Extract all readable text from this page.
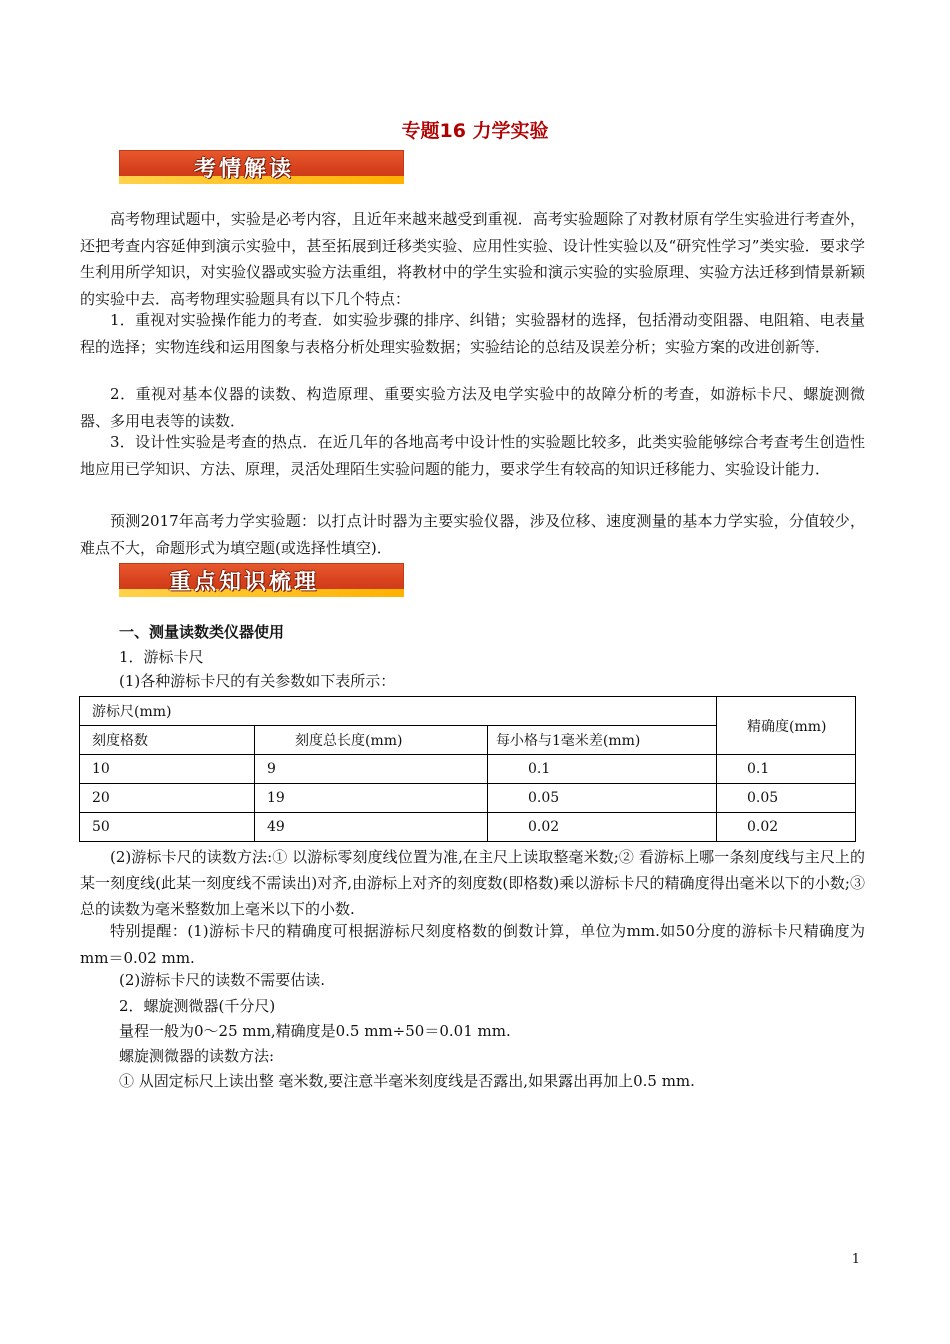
专题16 力学实验
考情解读

高考物理试题中，实验是必考内容，且近年来越来越受到重视．高考实验题除了对教材原有学生实验进行考查外，还把考查内容延伸到演示实验中，甚至拓展到迁移类实验、应用性实验、设计性实验以及“研究性学习”类实验．要求学生利用所学知识，对实验仪器或实验方法重组，将教材中的学生实验和演示实验的实验原理、实验方法迁移到情景新颖的实验中去．高考物理实验题具有以下几个特点：

1．重视对实验操作能力的考查．如实验步骤的排序、纠错；实验器材的选择，包括滑动变阻器、电阻箱、电表量程的选择；实物连线和运用图象与表格分析处理实验数据；实验结论的总结及误差分析；实验方案的改进创新等．

2．重视对基本仪器的读数、构造原理、重要实验方法及电学实验中的故障分析的考查，如游标卡尺、螺旋测微器、多用电表等的读数．

3．设计性实验是考查的热点．在近几年的各地高考中设计性的实验题比较多，此类实验能够综合考查考生创造性地应用已学知识、方法、原理，灵活处理陌生实验问题的能力，要求学生有较高的知识迁移能力、实验设计能力．

预测2017年高考力学实验题：以打点计时器为主要实验仪器，涉及位移、速度测量的基本力学实验，分值较少，难点不大，命题形式为填空题(或选择性填空)．

重点知识梳理

一、测量读数类仪器使用

1．游标卡尺

(1)各种游标卡尺的有关参数如下表所示：

游标尺(mm)			精确度(mm)
刻度格数	刻度总长度(mm)	每小格与1毫米差(mm)	
10	9	0.1	0.1
20	19	0.05	0.05
50	49	0.02	0.02

(2)游标卡尺的读数方法:① 以游标零刻度线位置为准,在主尺上读取整毫米数;② 看游标上哪一条刻度线与主尺上的某一刻度线(此某一刻度线不需读出)对齐,由游标上对齐的刻度数(即格数)乘以游标卡尺的精确度得出毫米以下的小数;③ 总的读数为毫米整数加上毫米以下的小数.

特别提醒：(1)游标卡尺的精确度可根据游标尺刻度格数的倒数计算，单位为mm.如50分度的游标卡尺精确度为 mm＝0.02 mm.

(2)游标卡尺的读数不需要估读.

2．螺旋测微器(千分尺)

量程一般为0～25 mm,精确度是0.5 mm÷50＝0.01 mm.

螺旋测微器的读数方法:

① 从固定标尺上读出整 毫米数,要注意半毫米刻度线是否露出,如果露出再加上0.5 mm.

1
